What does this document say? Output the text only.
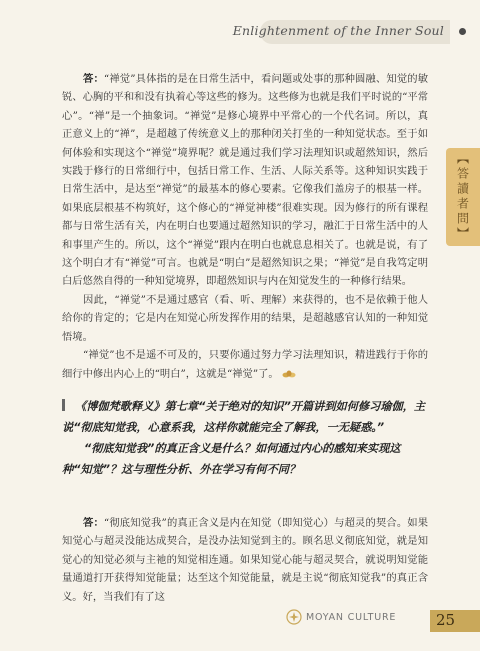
Enlightenment of the Inner Soul
【答讀者問】

答：“禅觉”具体指的是在日常生活中，看问题或处事的那种圆融、知觉的敏锐、心胸的平和和没有执着心等这些的修为。这些修为也就是我们平时说的“平常心”。“禅”是一个抽象词。“禅觉”是修心境界中平常心的一个代名词。所以，真正意义上的“禅”，是超越了传统意义上的那种闭关打坐的一种知觉状态。至于如何体验和实现这个“禅觉”境界呢？就是通过我们学习法理知识或超然知识，然后实践于修行的日常细行中，包括日常工作、生活、人际关系等。这种知识实践于日常生活中，是达至“禅觉”的最基本的修心要素。它像我们盖房子的根基一样。如果底层根基不构筑好，这个修心的“禅觉神楼”很难实现。因为修行的所有课程都与日常生活有关，内在明白也要通过超然知识的学习，融汇于日常生活中的人和事里产生的。所以，这个“禅觉”跟内在明白也就息息相关了。也就是说，有了这个明白才有“禅觉”可言。也就是“明白”是超然知识之果；“禅觉”是自我笃定明白后悠然自得的一种知觉境界，即超然知识与内在知觉发生的一种修行结果。

因此，“禅觉”不是通过感官（看、听、理解）来获得的，也不是依赖于他人给你的肯定的；它是内在知觉心所发挥作用的结果，是超越感官认知的一种知觉悟境。

“禅觉”也不是遥不可及的，只要你通过努力学习法理知识，精进践行于你的细行中修出内心上的“明白”，这就是“禅觉”了。

《博伽梵歌释义》第七章“关于绝对的知识”开篇讲到如何修习瑜伽，主说“彻底知觉我，心意系我，这样你就能完全了解我，一无疑惑。”

“彻底知觉我”的真正含义是什么？如何通过内心的感知来实现这种“知觉”？这与理性分析、外在学习有何不同？

答：“彻底知觉我”的真正含义是内在知觉（即知觉心）与超灵的契合。如果知觉心与超灵没能达成契合，是没办法知觉到主的。顾名思义彻底知觉，就是知觉心的知觉必须与主祂的知觉相连通。如果知觉心能与超灵契合，就说明知觉能量通道打开获得知觉能量；达至这个知觉能量，就是主说“彻底知觉我”的真正含义。好，当我们有了这

MOYAN CULTURE	25
